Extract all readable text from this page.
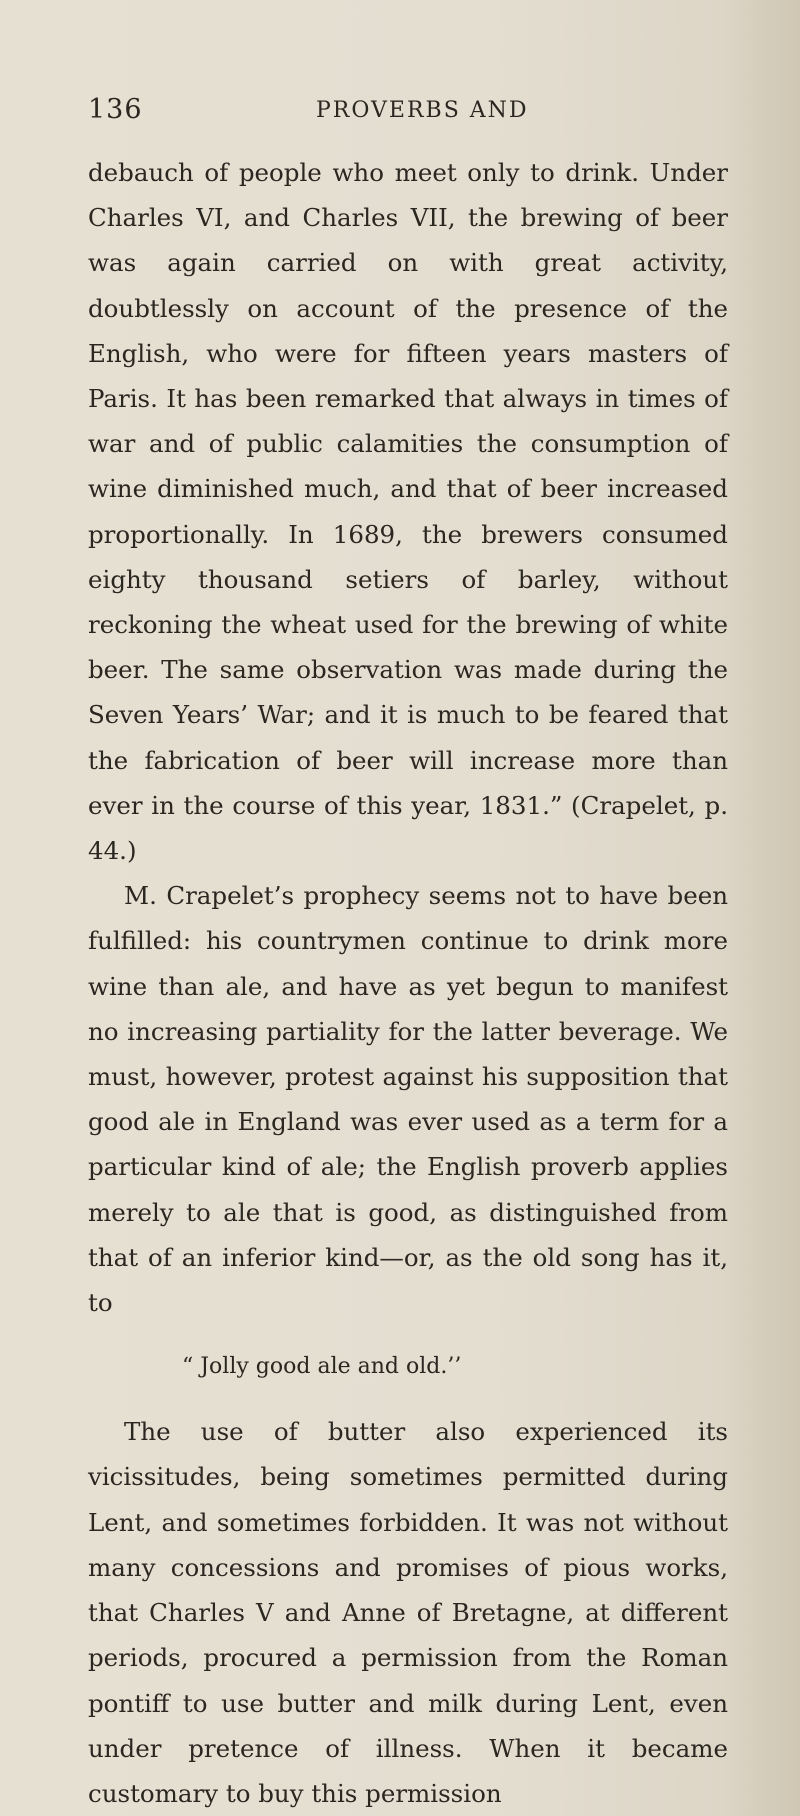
136	PROVERBS AND

debauch of people who meet only to drink. Under Charles VI, and Charles VII, the brewing of beer was again carried on with great activity, doubtlessly on account of the presence of the English, who were for fifteen years masters of Paris. It has been remarked that always in times of war and of public calamities the consumption of wine diminished much, and that of beer increased proportionally. In 1689, the brewers consumed eighty thousand setiers of barley, without reckoning the wheat used for the brewing of white beer. The same observation was made during the Seven Years’ War; and it is much to be feared that the fabrication of beer will increase more than ever in the course of this year, 1831.” (Crapelet, p. 44.)

M. Crapelet’s prophecy seems not to have been fulfilled: his countrymen continue to drink more wine than ale, and have as yet begun to manifest no increasing partiality for the latter beverage. We must, however, protest against his supposition that good ale in England was ever used as a term for a particular kind of ale; the English proverb applies merely to ale that is good, as distinguished from that of an inferior kind—or, as the old song has it, to

“ Jolly good ale and old.’’

The use of butter also experienced its vicissitudes, being sometimes permitted during Lent, and sometimes forbidden. It was not without many concessions and promises of pious works, that Charles V and Anne of Bretagne, at different periods, procured a permission from the Roman pontiff to use butter and milk during Lent, even under pretence of illness. When it became customary to buy this permission
